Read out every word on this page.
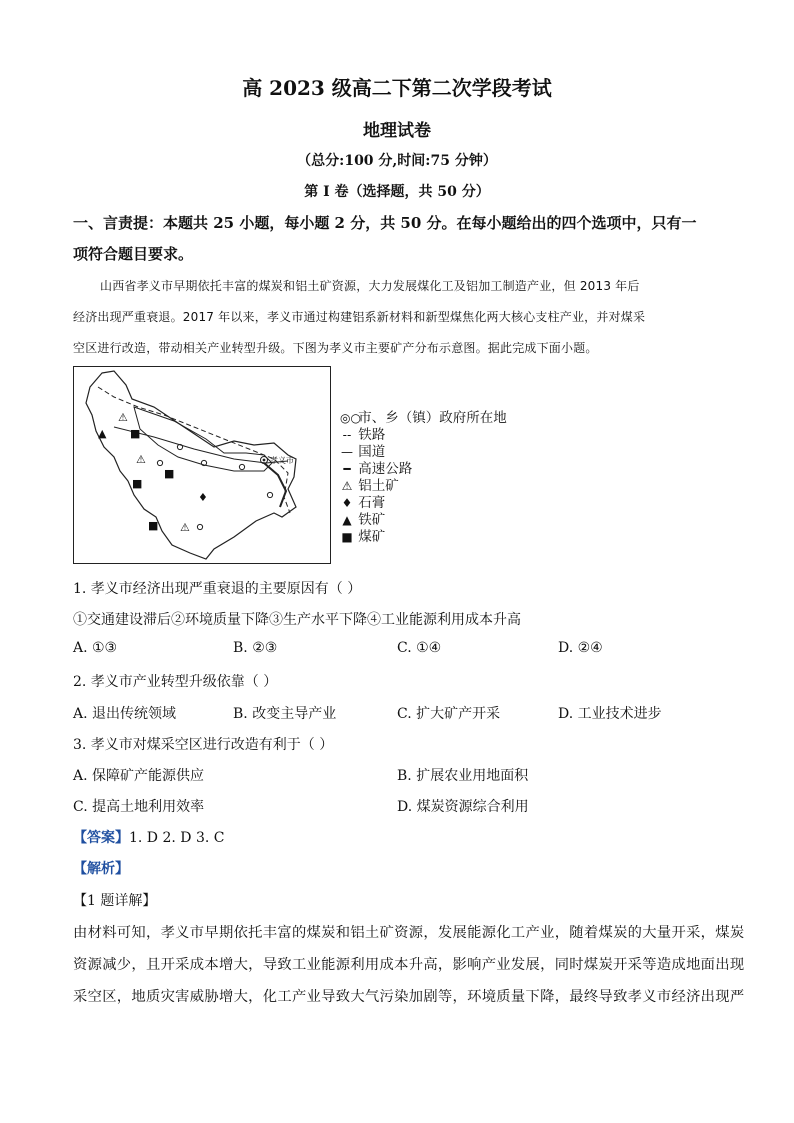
高 2023 级高二下第二次学段考试

地理试卷

（总分:100 分,时间:75 分钟）

第 I 卷（选择题，共 50 分）

一、言责提：本题共 25 小题，每小题 2 分，共 50 分。在每小题给出的四个选项中，只有一

项符合题目要求。

山西省孝义市早期依托丰富的煤炭和铝土矿资源，大力发展煤化工及铝加工制造产业，但 2013 年后

经济出现严重衰退。2017 年以来，孝义市通过构建铝系新材料和新型煤焦化两大核心支柱产业，并对煤采

空区进行改造，带动相关产业转型升级。下图为孝义市主要矿产分布示意图。据此完成下面小题。

孝义市
⚠
▲ ■
⚠
■
■
♦
■ ⚠
◎○ 市、乡（镇）政府所在地
-- 铁路
— 国道
━ 高速公路
⚠ 铝土矿
♦ 石膏
▲ 铁矿
■ 煤矿

1. 孝义市经济出现严重衰退的主要原因有（ ）

①交通建设滞后②环境质量下降③生产水平下降④工业能源利用成本升高

A. ①③	B. ②③	C. ①④	D. ②④

2. 孝义市产业转型升级依靠（ ）

A. 退出传统领域	B. 改变主导产业	C. 扩大矿产开采	D. 工业技术进步

3. 孝义市对煤采空区进行改造有利于（ ）

A. 保障矿产能源供应	B. 扩展农业用地面积

C. 提高土地利用效率	D. 煤炭资源综合利用

【答案】1. D 2. D 3. C

【解析】

【1 题详解】

由材料可知，孝义市早期依托丰富的煤炭和铝土矿资源，发展能源化工产业，随着煤炭的大量开采，煤炭

资源减少，且开采成本增大，导致工业能源利用成本升高，影响产业发展，同时煤炭开采等造成地面出现

采空区，地质灾害威胁增大，化工产业导致大气污染加剧等，环境质量下降，最终导致孝义市经济出现严
